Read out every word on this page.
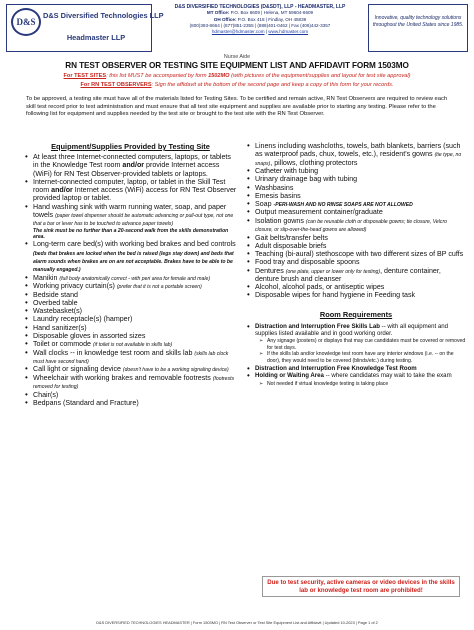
D&S
D&S Diversified Technologies LLP
Headmaster LLP
D&S DIVERSIFIED TECHNOLOGIES (D&SDT), LLP - HEADMASTER, LLP
MT Office: P.O. Box 6609 | Helena, MT 59604-6609
OH Office: P.O. Box 418 | Findlay, OH 45839
(800)393-8664 | (877)851-2355 | (888)401-0462 | Fax (406)442-3357
hdmaster@hdmaster.com | www.hdmaster.com
Innovative, quality technology solutions throughout the United States since 1985.
Nurse Aide
RN TEST OBSERVER OR TESTING SITE EQUIPMENT LIST AND AFFIDAVIT FORM 1503MO
For TEST SITES: this list MUST be accompanied by form 1502MO (with pictures of the equipment/supplies and layout for test site approval)
For RN TEST OBSERVERS: Sign the affidavit at the bottom of the second page and keep a copy of this form for your records.
To be approved, a testing site must have all of the materials listed for Testing Sites. To be certified and remain active, RN Test Observers are required to review each skill test record prior to test administration and must ensure that all test site equipment and supplies are available prior to starting any testing. Please refer to the following list for equipment and supplies needed by the test site or brought to the test site with the RN Test Observer.
Equipment/Supplies Provided by Testing Site
• At least three Internet-connected computers, laptops, or tablets in the Knowledge Test room and/or provide Internet access (WiFi) for RN Test Observer-provided tablets or laptops.
• Internet-connected computer, laptop, or tablet in the Skill Test room and/or Internet access (WiFi) access for RN Test Observer provided laptop or tablet.
• Hand washing sink with warm running water, soap, and paper towels (paper towel dispenser should be automatic advancing or pull-out type, not one that a bar or lever has to be touched to advance paper towels)
The sink must be no further than a 20-second walk from the skills demonstration area.
• Long-term care bed(s) with working bed brakes and bed controls (beds that brakes are locked when the bed is raised (legs stay down) and beds that alarm sounds when brakes are on are not acceptable. Brakes have to be able to be manually engaged.)
• Manikin (full body anatomically correct - with peri area for female and male)
• Working privacy curtain(s) (prefer that it is not a portable screen)
• Bedside stand
• Overbed table
• Wastebasket(s)
• Laundry receptacle(s) (hamper)
• Hand sanitizer(s)
• Disposable gloves in assorted sizes
• Toilet or commode (if toilet is not available in skills lab)
• Wall clocks -- in knowledge test room and skills lab (skills lab clock must have second hand)
• Call light or signaling device (doesn't have to be a working signaling device)
• Wheelchair with working brakes and removable footrests (footrests removed for testing)
• Chair(s)
• Bedpans (Standard and Fracture)
• Linens including washcloths, towels, bath blankets, barriers (such as waterproof pads, chux, towels, etc.), resident's gowns (tie type, no snaps), pillows, clothing protectors
• Catheter with tubing
• Urinary drainage bag with tubing
• Washbasins
• Emesis basins
• Soap -PERI-WASH AND NO RINSE SOAPS ARE NOT ALLOWED
• Output measurement container/graduate
• Isolation gowns (can be reusable cloth or disposable gowns; tie closure, Velcro closure, or slip-over-the-head gowns are allowed)
• Gait belts/transfer belts
• Adult disposable briefs
• Teaching (bi-aural) stethoscope with two different sizes of BP cuffs
• Food tray and disposable spoons
• Dentures (one plate, upper or lower only for testing), denture container, denture brush and cleanser
• Alcohol, alcohol pads, or antiseptic wipes
• Disposable wipes for hand hygiene in Feeding task
Room Requirements
• Distraction and Interruption Free Skills Lab -- with all equipment and supplies listed available and in good working order.
➢ Any signage (posters) or displays that may cue candidates must be covered or removed for test days.
➢ If the skills lab and/or knowledge test room have any interior windows (i.e. -- on the door), they would need to be covered (blinds/etc.) during testing.
• Distraction and Interruption Free Knowledge Test Room
• Holding or Waiting Area -- where candidates may wait to take the exam
➢ Not needed if virtual knowledge testing is taking place
Due to test security, active cameras or video devices in the skills lab or knowledge test room are prohibited!
D&S DIVERSIFIED TECHNOLOGIES HEADMASTER | Form 1503MO | RN Test Observer or Test Site Equipment List and Affidavit | Updated 10-2023 | Page 1 of 2
